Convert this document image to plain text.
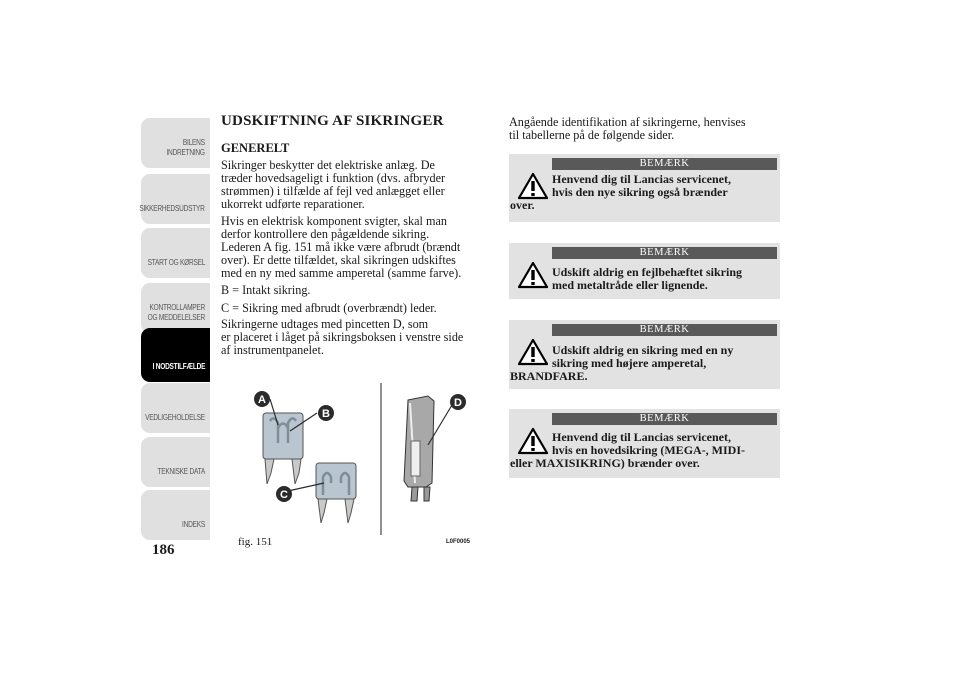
BILENS
INDRETNING
SIKKERHEDSUDSTYR
START OG KØRSEL
KONTROLLAMPER
OG MEDDELELSER
I NODSTILFÆLDE
VEDLIGEHOLDELSE
TEKNISKE DATA
INDEKS
186
UDSKIFTNING AF SIKRINGER
GENERELT
Sikringer beskytter det elektriske anlæg. De
træder hovedsageligt i funktion (dvs. afbryder
strømmen) i tilfælde af fejl ved anlægget eller
ukorrekt udførte reparationer.
Hvis en elektrisk komponent svigter, skal man
derfor kontrollere den pågældende sikring.
Lederen A fig. 151 må ikke være afbrudt (brændt
over). Er dette tilfældet, skal sikringen udskiftes
med en ny med samme amperetal (samme farve).
B = Intakt sikring.
C = Sikring med afbrudt (overbrændt) leder.
Sikringerne udtages med pincetten D, som
er placeret i låget på sikringsboksen i venstre side
af instrumentpanelet.
A
B
C
D
fig. 151	L0F0005
Angående identifikation af sikringerne, henvises
til tabellerne på de følgende sider.
BEMÆRK
Henvend dig til Lancias servicenet,
hvis den nye sikring også brænder
over.
BEMÆRK
Udskift aldrig en fejlbehæftet sikring
med metaltråde eller lignende.
BEMÆRK
Udskift aldrig en sikring med en ny
sikring med højere amperetal,
BRANDFARE.
BEMÆRK
Henvend dig til Lancias servicenet,
hvis en hovedsikring (MEGA-, MIDI-
eller MAXISIKRING) brænder over.
